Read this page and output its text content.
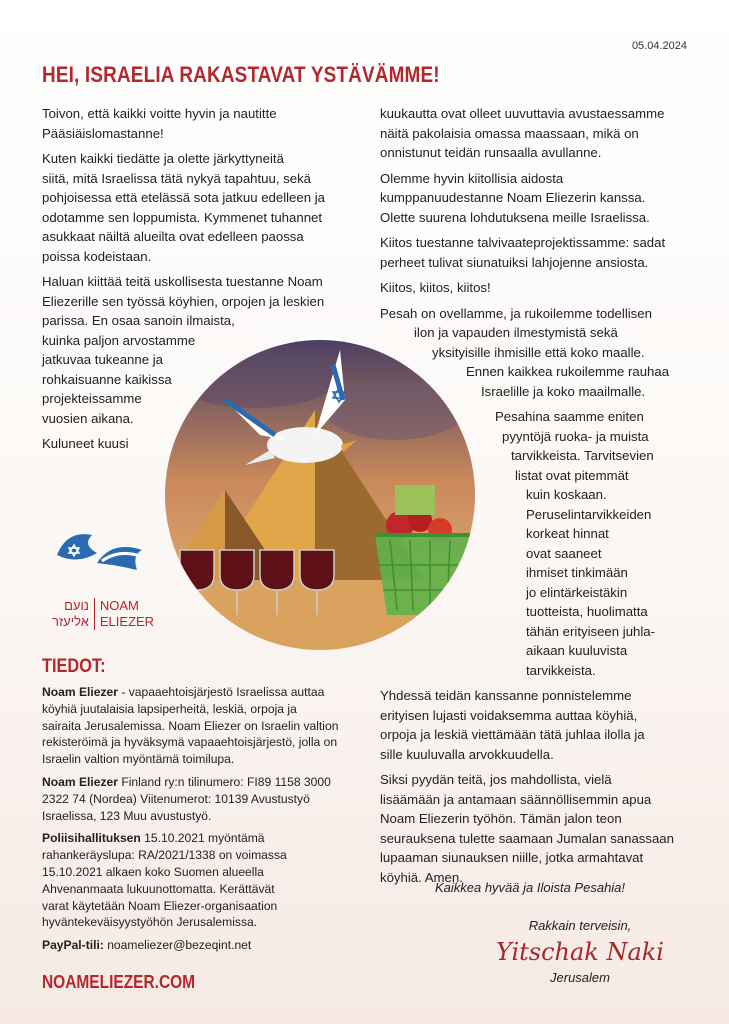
05.04.2024
HEI, ISRAELIA RAKASTAVAT YSTÄVÄMME!
Toivon, että kaikki voitte hyvin ja nautitte
Pääsiäislomastanne!
Kuten kaikki tiedätte ja olette järkyttyneitä
siitä, mitä Israelissa tätä nykyä tapahtuu, sekä
pohjoisessa että etelässä sota jatkuu edelleen ja
odotamme sen loppumista. Kymmenet tuhannet
asukkaat näiltä alueilta ovat edelleen paossa
poissa kodeistaan.
Haluan kiittää teitä uskollisesta tuestanne Noam
Eliezerille sen työssä köyhien, orpojen ja leskien
parissa. En osaa sanoin ilmaista,
kuinka paljon arvostamme
jatkuvaa tukeanne ja
rohkaisuanne kaikissa
projekteissamme
vuosien aikana.
Kuluneet kuusi
kuukautta ovat olleet uuvuttavia avustaessamme
näitä pakolaisia omassa maassaan, mikä on
onnistunut teidän runsaalla avullanne.
Olemme hyvin kiitollisia aidosta
kumppanuudestanne Noam Eliezerin kanssa.
Olette suurena lohdutuksena meille Israelissa.
Kiitos tuestanne talvivaateprojektissamme: sadat
perheet tulivat siunatuiksi lahjojenne ansiosta.
Kiitos, kiitos, kiitos!
Pesah on ovellamme, ja rukoilemme todellisen
ilon ja vapauden ilmestymistä sekä
yksityisille ihmisille että koko maalle.
Ennen kaikkea rukoilemme rauhaa
Israelille ja koko maailmalle.
Pesahina saamme eniten
pyyntöjä ruoka- ja muista
tarvikkeista. Tarvitsevien
listat ovat pitemmät
kuin koskaan.
Peruselintarvikkeiden
korkeat hinnat
ovat saaneet
ihmiset tinkimään
jo elintärkeistäkin
tuotteista, huolimatta
tähän erityiseen juhla-
aikaan kuuluvista
tarvikkeista.
Yhdessä teidän kanssanne ponnistelemme
erityisen lujasti voidaksemma auttaa köyhiä,
orpoja ja leskiä viettämään tätä juhlaa ilolla ja
sille kuuluvalla arvokkuudella.
Siksi pyydän teitä, jos mahdollista, vielä
lisäämään ja antamaan säännöllisemmin apua
Noam Eliezerin työhön. Tämän jalon teon
seurauksena tulette saamaan Jumalan sanassaan
lupaaman siunauksen niille, jotka armahtavat
köyhiä. Amen.
נועם
אליעזר
NOAM
ELIEZER
TIEDOT:

Noam Eliezer - vapaaehtoisjärjestö Israelissa auttaa
köyhiä juutalaisia lapsiperheitä, leskiä, orpoja ja
sairaita Jerusalemissa. Noam Eliezer on Israelin valtion
rekisteröimä ja hyväksymä vapaaehtoisjärjestö, jolla on
Israelin valtion myöntämä toimilupa.

Noam Eliezer Finland ry:n tilinumero: FI89 1158 3000
2322 74 (Nordea) Viitenumerot: 10139 Avustustyö
Israelissa, 123 Muu avustustyö.

Poliisihallituksen 15.10.2021 myöntämä
rahankeräyslupa: RA/2021/1338 on voimassa
15.10.2021 alkaen koko Suomen alueella
Ahvenanmaata lukuunottomatta. Kerättävät
varat käytetään Noam Eliezer-organisaation
hyväntekeväisyystyöhön Jerusalemissa.

PayPal-tili: noameliezer@bezeqint.net

NOAMELIEZER.COM
Kaikkea hyvää ja Iloista Pesahia!
Rakkain terveisin,
Yitschak Naki
Jerusalem
